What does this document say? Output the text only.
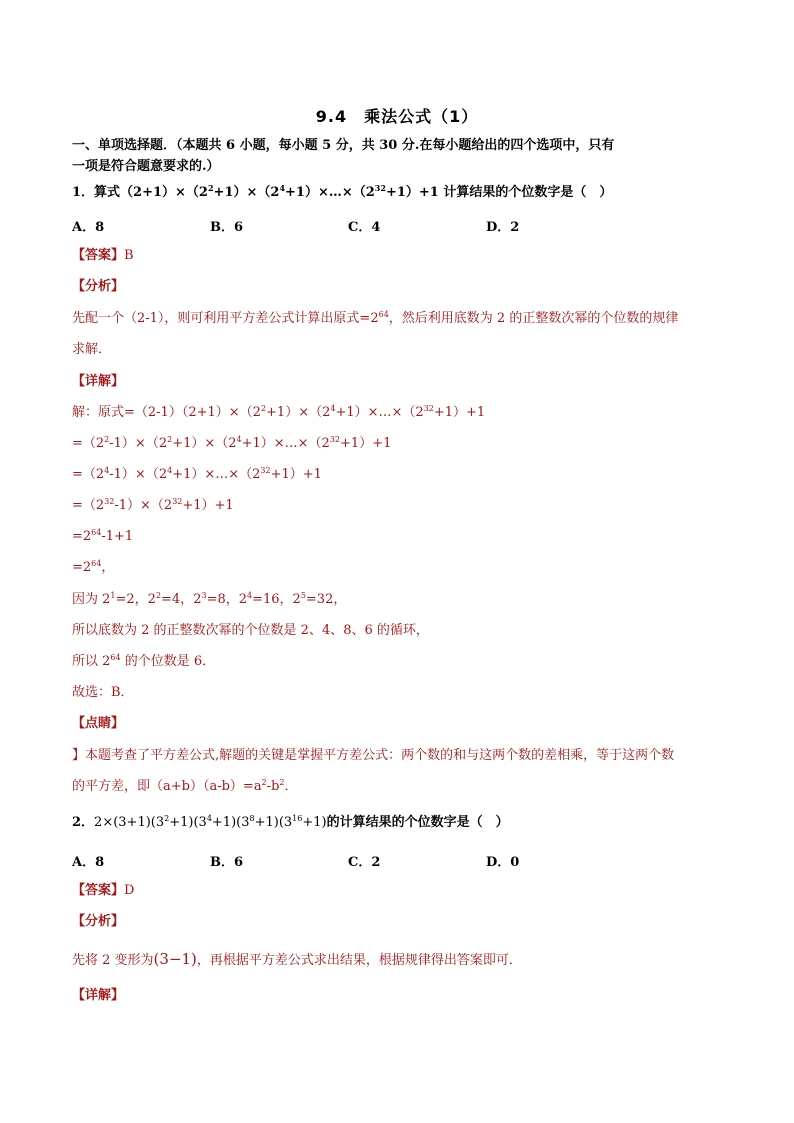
9.4　乘法公式（1）
一、单项选择题．（本题共 6 小题，每小题 5 分，共 30 分.在每小题给出的四个选项中，只有
一项是符合题意要求的.）
1．算式$(2+1)\times(2^2+1)\times(2^4+1)\times\dots\times(2^{32}+1)+1$ 计算结果的个位数字是（　）
A．8	B．6	C．4	D．2
【答案】B
【分析】
先配一个（2-1），则可利用平方差公式计算出原式$=2^{64}$，然后利用底数为 2 的正整数次幂的个位数的规律
求解．
【详解】
解：原式$=(2-1)(2+1)\times(2^2+1)\times(2^4+1)\times\dots\times(2^{32}+1)+1$
$=(2^2-1)\times(2^2+1)\times(2^4+1)\times\dots\times(2^{32}+1)+1$
$=(2^4-1)\times(2^4+1)\times\dots\times(2^{32}+1)+1$
$=(2^{32}-1)\times(2^{32}+1)+1$
$=2^{64}-1+1$
$=2^{64}$，
因为 $2^1=2$，$2^2=4$，$2^3=8$，$2^4=16$，$2^5=32$，
所以底数为 2 的正整数次幂的个位数是 2、4、8、6 的循环，
所以 $2^{64}$ 的个位数是 6．
故选：B．
【点睛】
】本题考查了平方差公式,解题的关键是掌握平方差公式：两个数的和与这两个数的差相乘，等于这两个数
的平方差，即$(a+b)(a-b)=a^2-b^2$．
2．$2\times(3+1)(3^2+1)(3^4+1)(3^8+1)(3^{16}+1)$的计算结果的个位数字是（　）
A．8	B．6	C．2	D．0
【答案】D
【分析】
先将 2 变形为(3−1)，再根据平方差公式求出结果，根据规律得出答案即可．
【详解】
